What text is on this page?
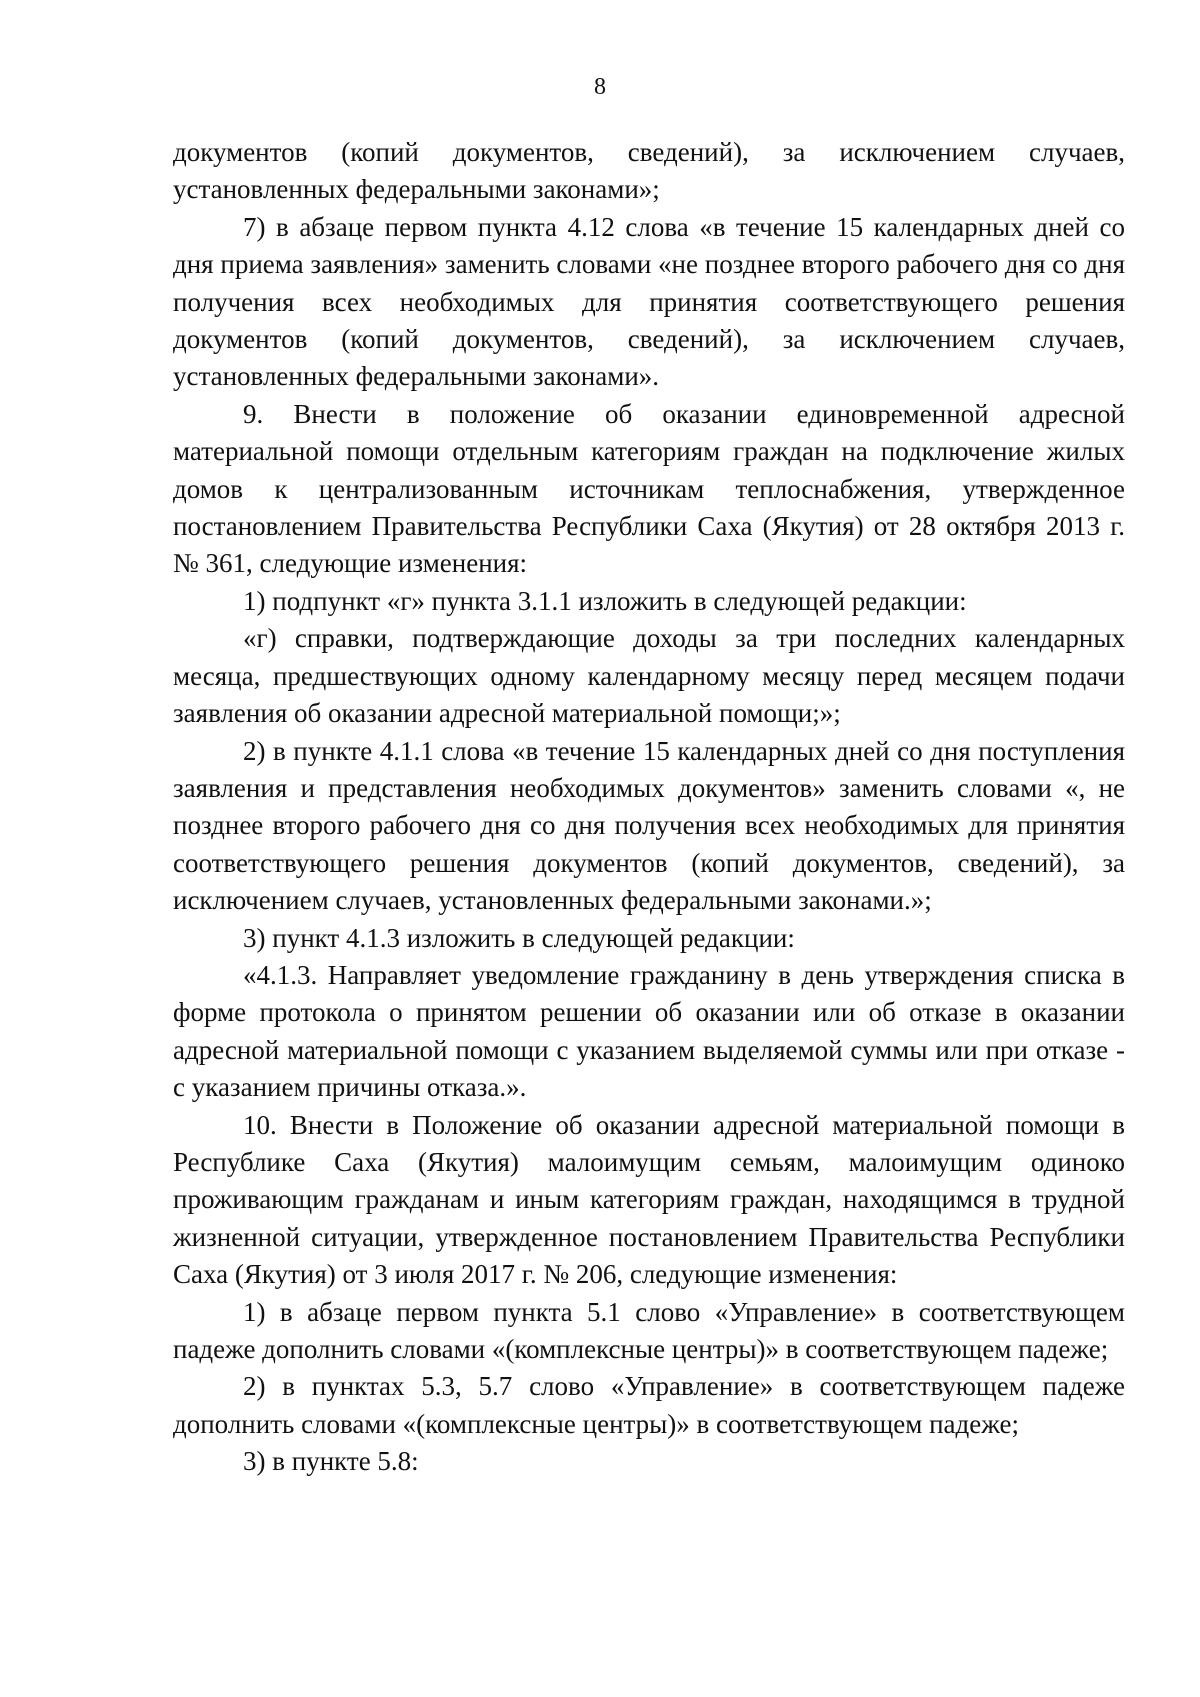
8

документов (копий документов, сведений), за исключением случаев, установленных федеральными законами»;

7) в абзаце первом пункта 4.12 слова «в течение 15 календарных дней со дня приема заявления» заменить словами «не позднее второго рабочего дня со дня получения всех необходимых для принятия соответствующего решения документов (копий документов, сведений), за исключением случаев, установленных федеральными законами».

9. Внести в положение об оказании единовременной адресной материальной помощи отдельным категориям граждан на подключение жилых домов к централизованным источникам теплоснабжения, утвержденное постановлением Правительства Республики Саха (Якутия) от 28 октября 2013 г. № 361, следующие изменения:

1) подпункт «г» пункта 3.1.1 изложить в следующей редакции:

«г) справки, подтверждающие доходы за три последних календарных месяца, предшествующих одному календарному месяцу перед месяцем подачи заявления об оказании адресной материальной помощи;»;

2) в пункте 4.1.1 слова «в течение 15 календарных дней со дня поступления заявления и представления необходимых документов» заменить словами «, не позднее второго рабочего дня со дня получения всех необходимых для принятия соответствующего решения документов (копий документов, сведений), за исключением случаев, установленных федеральными законами.»;

3) пункт 4.1.3 изложить в следующей редакции:

«4.1.3. Направляет уведомление гражданину в день утверждения списка в форме протокола о принятом решении об оказании или об отказе в оказании адресной материальной помощи с указанием выделяемой суммы или при отказе - с указанием причины отказа.».

10. Внести в Положение об оказании адресной материальной помощи в Республике Саха (Якутия) малоимущим семьям, малоимущим одиноко проживающим гражданам и иным категориям граждан, находящимся в трудной жизненной ситуации, утвержденное постановлением Правительства Республики Саха (Якутия) от 3 июля 2017 г. № 206, следующие изменения:

1) в абзаце первом пункта 5.1 слово «Управление» в соответствующем падеже дополнить словами «(комплексные центры)» в соответствующем падеже;

2) в пунктах 5.3, 5.7 слово «Управление» в соответствующем падеже дополнить словами «(комплексные центры)» в соответствующем падеже;

3) в пункте 5.8:
